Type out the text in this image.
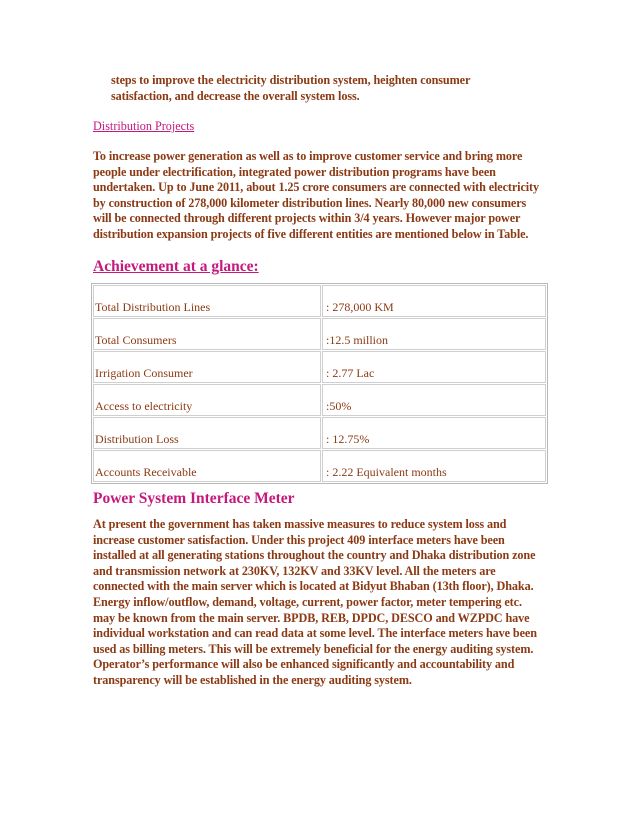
steps to improve the electricity distribution system, heighten consumer
satisfaction, and decrease the overall system loss.
Distribution Projects
To increase power generation as well as to improve customer service and bring more people under electrification, integrated power distribution programs have been undertaken. Up to June 2011, about 1.25 crore consumers are connected with electricity by construction of 278,000 kilometer distribution lines. Nearly 80,000 new consumers will be connected through different projects within 3/4 years. However major power distribution expansion projects of five different entities are mentioned below in Table.
Achievement at a glance:
Total Distribution Lines	: 278,000 KM
Total Consumers	:12.5 million
Irrigation Consumer	: 2.77 Lac
Access to electricity	:50%
Distribution Loss	: 12.75%
Accounts Receivable	: 2.22 Equivalent months
Power System Interface Meter
At present the government has taken massive measures to reduce system loss and increase customer satisfaction. Under this project 409 interface meters have been installed at all generating stations throughout the country and Dhaka distribution zone and transmission network at 230KV, 132KV and 33KV level. All the meters are connected with the main server which is located at Bidyut Bhaban (13th floor), Dhaka. Energy inflow/outflow, demand, voltage, current, power factor, meter tempering etc. may be known from the main server. BPDB, REB, DPDC, DESCO and WZPDC have individual workstation and can read data at some level. The interface meters have been used as billing meters. This will be extremely beneficial for the energy auditing system. Operator’s performance will also be enhanced significantly and accountability and transparency will be established in the energy auditing system.
